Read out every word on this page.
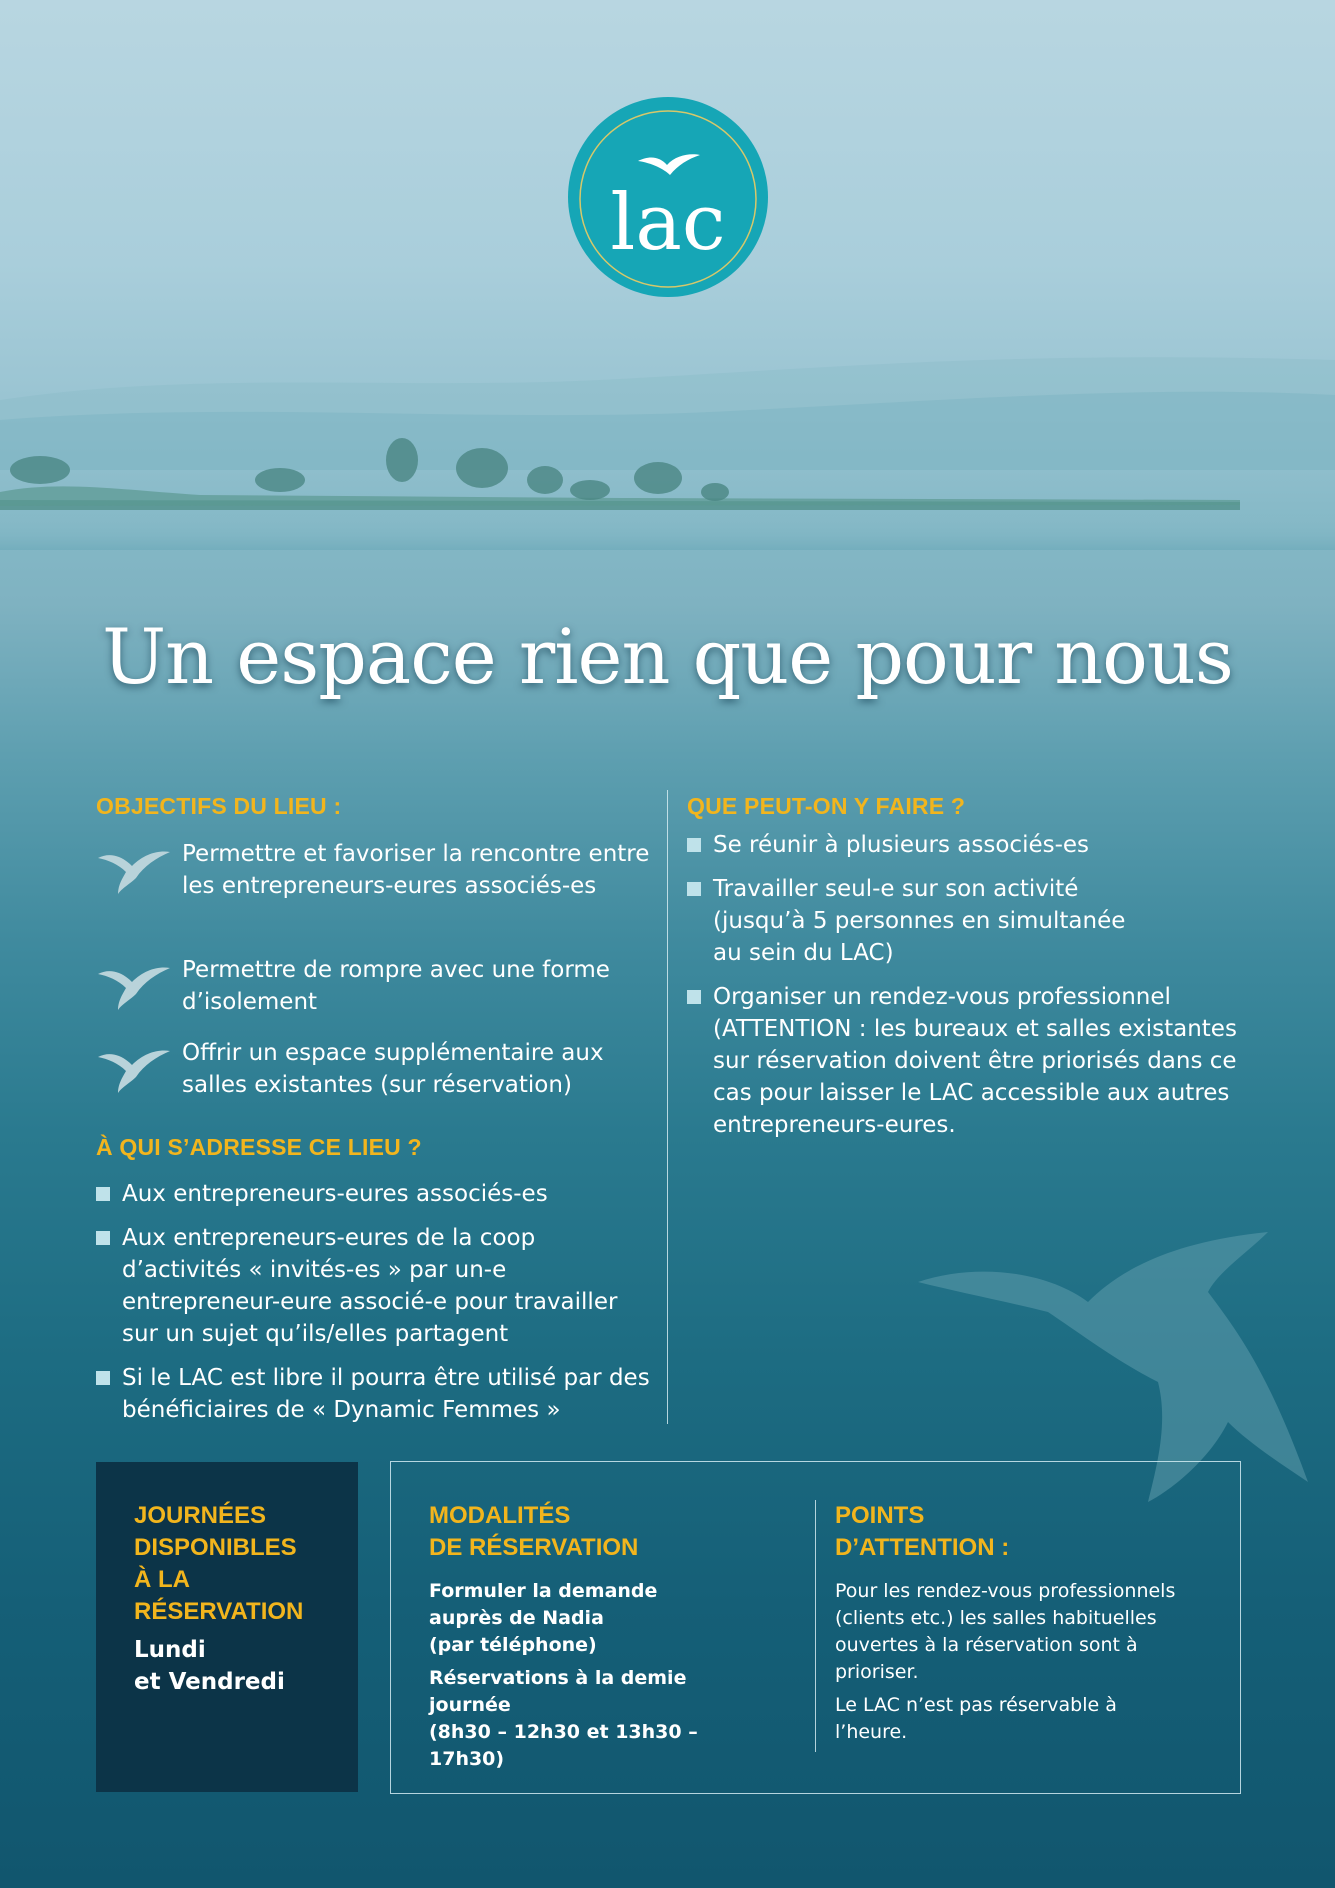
lac
Un espace rien que pour nous
OBJECTIFS DU LIEU :
Permettre et favoriser la rencontre entre les entrepreneurs-eures associés-es
Permettre de rompre avec une forme d’isolement
Offrir un espace supplémentaire aux salles existantes (sur réservation)
À QUI S’ADRESSE CE LIEU ?
Aux entrepreneurs-eures associés-es
Aux entrepreneurs-eures de la coop d’activités « invités-es » par un-e entrepreneur-eure associé-e pour travailler sur un sujet qu’ils/elles partagent
Si le LAC est libre il pourra être utilisé par des bénéficiaires de « Dynamic Femmes »
QUE PEUT-ON Y FAIRE ?
Se réunir à plusieurs associés-es
Travailler seul-e sur son activité (jusqu’à 5 personnes en simultanée au sein du LAC)
Organiser un rendez-vous professionnel (ATTENTION : les bureaux et salles existantes sur réservation doivent être priorisés dans ce cas pour laisser le LAC accessible aux autres entrepreneurs-eures.
JOURNÉES
DISPONIBLES
À LA
RÉSERVATION
Lundi
et Vendredi
MODALITÉS
DE RÉSERVATION
Formuler la demande
auprès de Nadia
(par téléphone)
Réservations à la demie journée
(8h30 – 12h30 et 13h30 – 17h30)
POINTS
D’ATTENTION :
Pour les rendez-vous professionnels
(clients etc.) les salles habituelles
ouvertes à la réservation sont à
prioriser.
Le LAC n’est pas réservable à
l’heure.
